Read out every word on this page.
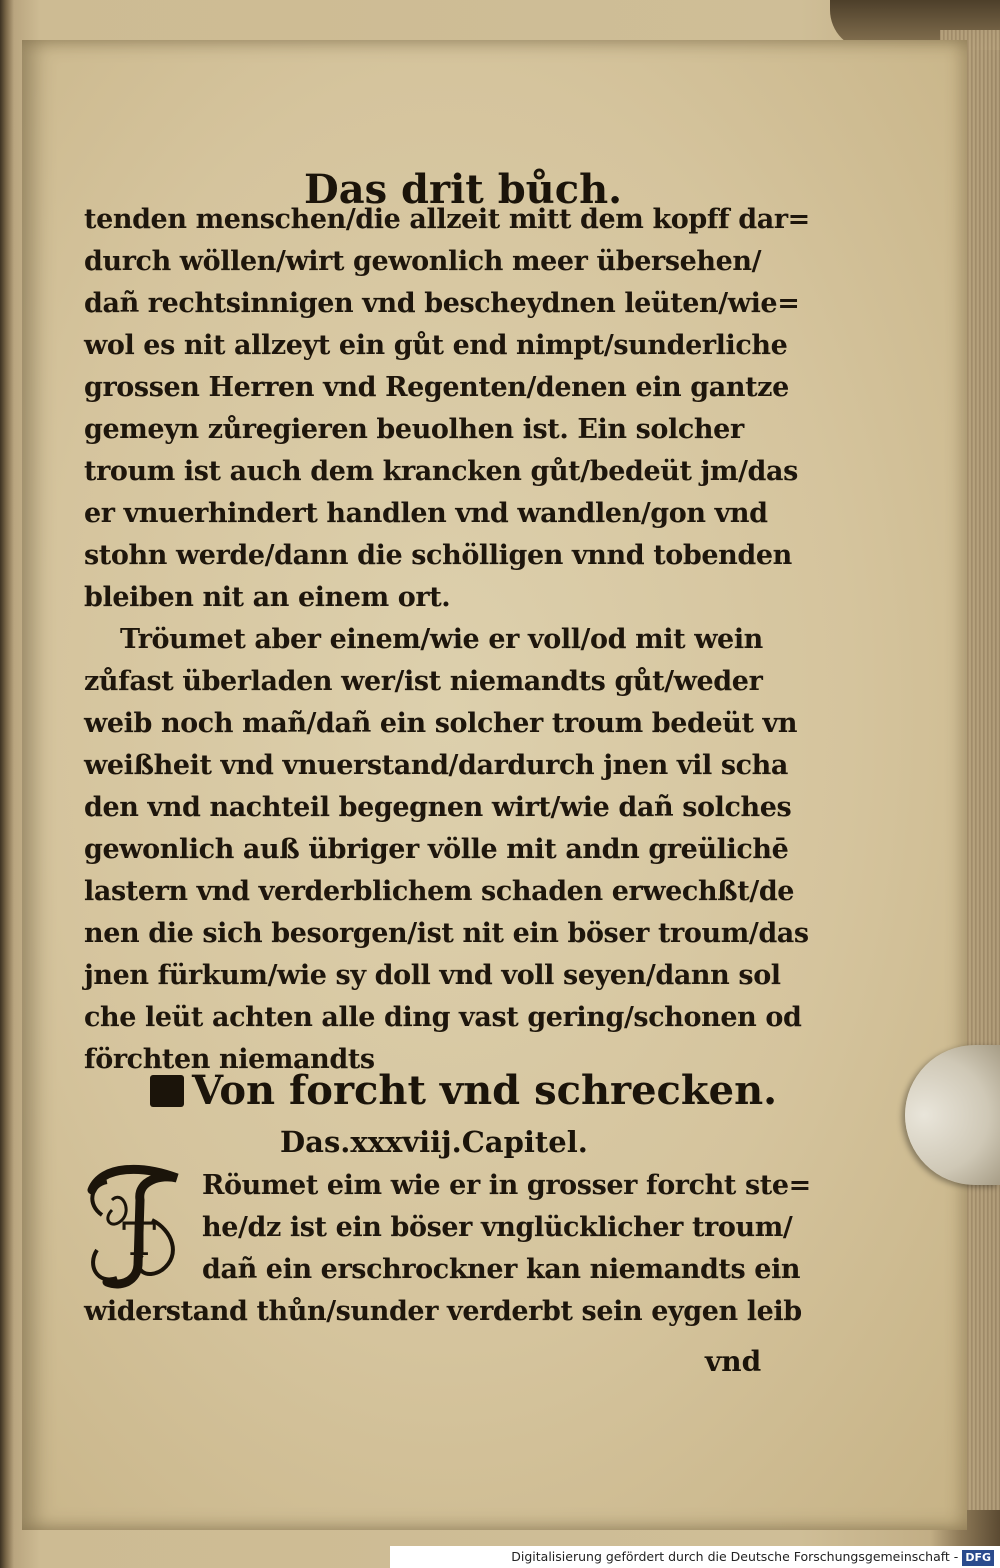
Das drit bůch.
tenden menschen/die allzeit mitt dem kopff dar=
durch wöllen/wirt gewonlich meer übersehen/
dañ rechtsinnigen vnd bescheydnen leüten/wie=
wol es nit allzeyt ein gůt end nimpt/sunderliche
grossen Herren vnd Regenten/denen ein gantze
gemeyn zůregieren beuolhen ist. Ein solcher
troum ist auch dem krancken gůt/bedeüt jm/das
er vnuerhindert handlen vnd wandlen/gon vnd
stohn werde/dann die schölligen vnnd tobenden
bleiben nit an einem ort.
Tröumet aber einem/wie er voll/od mit wein
zůfast überladen wer/ist niemandts gůt/weder
weib noch mañ/dañ ein solcher troum bedeüt vn
weißheit vnd vnuerstand/dardurch jnen vil scha
den vnd nachteil begegnen wirt/wie dañ solches
gewonlich auß übriger völle mit andn greülichē
lastern vnd verderblichem schaden erwechßt/de
nen die sich besorgen/ist nit ein böser troum/das
jnen fürkum/wie sy doll vnd voll seyen/dann sol
che leüt achten alle ding vast gering/schonen od
förchten niemandts
Von forcht vnd schrecken.
Das.xxxviij.Capitel.
T
Röumet eim wie er in grosser forcht ste=
he/dz ist ein böser vnglücklicher troum/
dañ ein erschrockner kan niemandts ein
widerstand thůn/sunder verderbt sein eygen leib
vnd
Digitalisierung gefördert durch die Deutsche Forschungsgemeinschaft - DFG
